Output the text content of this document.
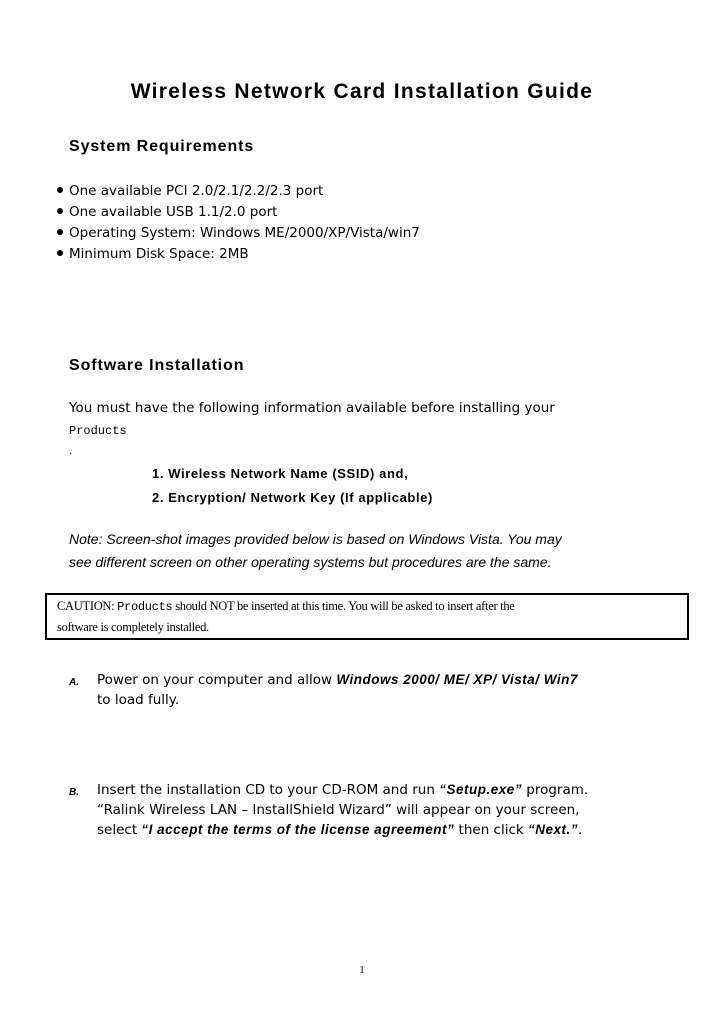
Wireless Network Card Installation Guide
System Requirements
One available PCI 2.0/2.1/2.2/2.3 port
One available USB 1.1/2.0 port
Operating System: Windows ME/2000/XP/Vista/win7
Minimum Disk Space: 2MB
Software Installation
You must have the following information available before installing your
Products
.
1. Wireless Network Name (SSID) and,
2. Encryption/ Network Key (If applicable)
Note: Screen-shot images provided below is based on Windows Vista. You may
see different screen on other operating systems but procedures are the same.
CAUTION: Products should NOT be inserted at this time. You will be asked to insert after the
software is completely installed.
A. Power on your computer and allow Windows 2000/ ME/ XP/ Vista/ Win7
to load fully.
B. Insert the installation CD to your CD-ROM and run “Setup.exe” program.
“Ralink Wireless LAN – InstallShield Wizard” will appear on your screen,
select “I accept the terms of the license agreement” then click “Next.”.
1
